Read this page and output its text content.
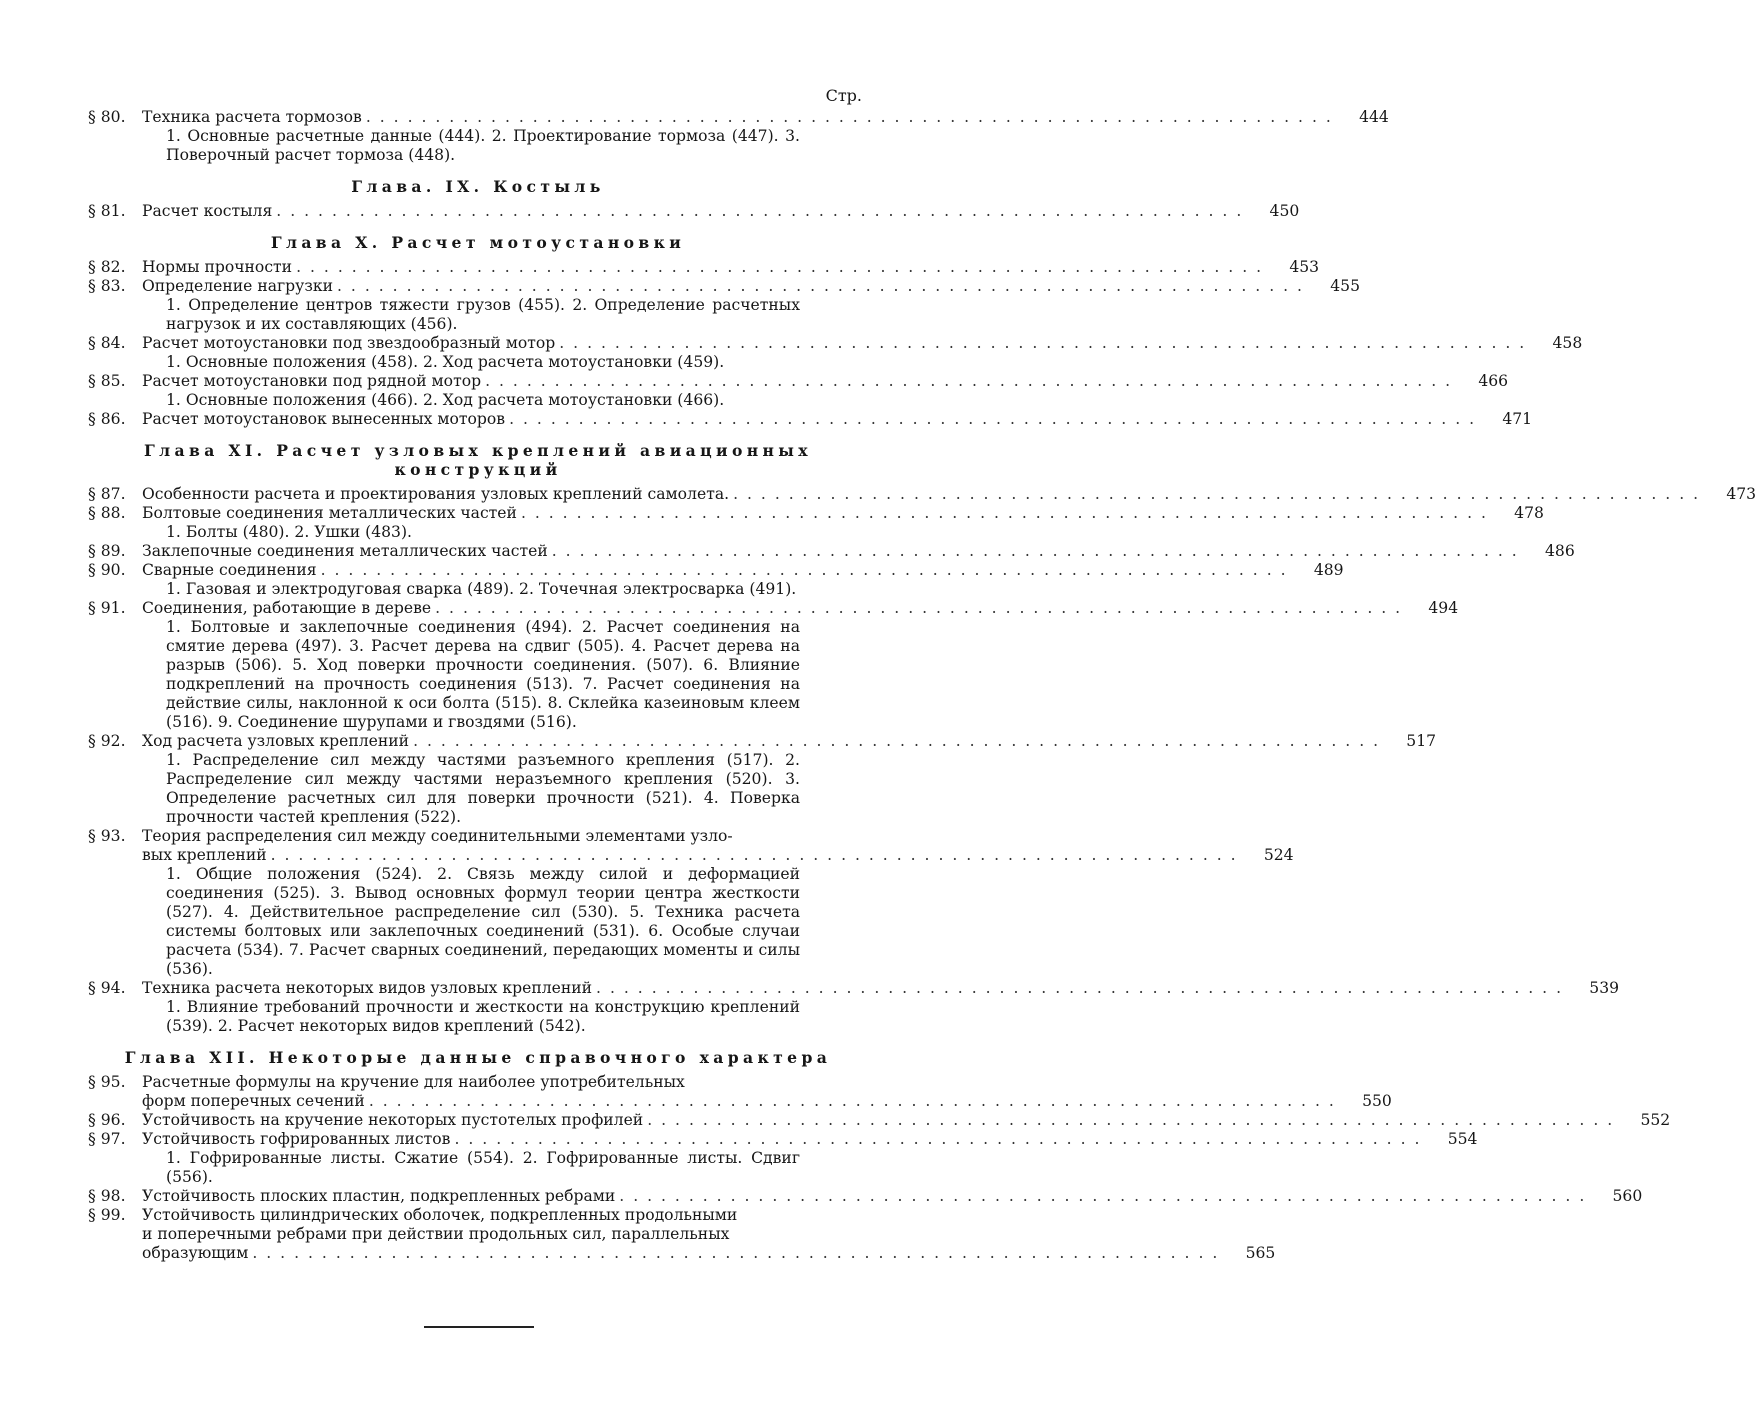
Стр.
§ 80.	Техника расчета тормозов . . . . . . . . . . . . . . . . . . . . . . . . . . . . . . . . . . . . . . . . . . . . . . . . . . . . . . . . . . . . . . . . . . . . . .	444
1. Основные расчетные данные (444). 2. Проектирование тормоза (447). 3. Поверочный расчет тормоза (448).
Глава. IX. Костыль
§ 81.	Расчет костыля . . . . . . . . . . . . . . . . . . . . . . . . . . . . . . . . . . . . . . . . . . . . . . . . . . . . . . . . . . . . . . . . . . . . . .	450
Глава X. Расчет мотоустановки
§ 82.	Нормы прочности . . . . . . . . . . . . . . . . . . . . . . . . . . . . . . . . . . . . . . . . . . . . . . . . . . . . . . . . . . . . . . . . . . . . . .	453
§ 83.	Определение нагрузки . . . . . . . . . . . . . . . . . . . . . . . . . . . . . . . . . . . . . . . . . . . . . . . . . . . . . . . . . . . . . . . . . . . . . .	455
1. Определение центров тяжести грузов (455). 2. Определение расчетных нагрузок и их составляющих (456).
§ 84.	Расчет мотоустановки под звездообразный мотор . . . . . . . . . . . . . . . . . . . . . . . . . . . . . . . . . . . . . . . . . . . . . . . . . . . . . . . . . . . . . . . . . . . . . .	458
1. Основные положения (458). 2. Ход расчета мотоустановки (459).
§ 85.	Расчет мотоустановки под рядной мотор . . . . . . . . . . . . . . . . . . . . . . . . . . . . . . . . . . . . . . . . . . . . . . . . . . . . . . . . . . . . . . . . . . . . . .	466
1. Основные положения (466). 2. Ход расчета мотоустановки (466).
§ 86.	Расчет мотоустановок вынесенных моторов . . . . . . . . . . . . . . . . . . . . . . . . . . . . . . . . . . . . . . . . . . . . . . . . . . . . . . . . . . . . . . . . . . . . . .	471
Глава XI. Расчет узловых креплений авиационных конструкций
§ 87.	Особенности расчета и проектирования узловых креплений самолета. . . . . . . . . . . . . . . . . . . . . . . . . . . . . . . . . . . . . . . . . . . . . . . . . . . . . . . . . . . . . . . . . . . . . . .	473
§ 88.	Болтовые соединения металлических частей . . . . . . . . . . . . . . . . . . . . . . . . . . . . . . . . . . . . . . . . . . . . . . . . . . . . . . . . . . . . . . . . . . . . . .	478
1. Болты (480). 2. Ушки (483).
§ 89.	Заклепочные соединения металлических частей . . . . . . . . . . . . . . . . . . . . . . . . . . . . . . . . . . . . . . . . . . . . . . . . . . . . . . . . . . . . . . . . . . . . . .	486
§ 90.	Сварные соединения . . . . . . . . . . . . . . . . . . . . . . . . . . . . . . . . . . . . . . . . . . . . . . . . . . . . . . . . . . . . . . . . . . . . . .	489
1. Газовая и электродуговая сварка (489). 2. Точечная электросварка (491).
§ 91.	Соединения, работающие в дереве . . . . . . . . . . . . . . . . . . . . . . . . . . . . . . . . . . . . . . . . . . . . . . . . . . . . . . . . . . . . . . . . . . . . . .	494
1. Болтовые и заклепочные соединения (494). 2. Расчет соединения на смятие дерева (497). 3. Расчет дерева на сдвиг (505). 4. Расчет дерева на разрыв (506). 5. Ход поверки прочности соединения. (507). 6. Влияние подкреплений на прочность соединения (513). 7. Расчет соединения на действие силы, наклонной к оси болта (515). 8. Склейка казеиновым клеем (516). 9. Соединение шурупами и гвоздями (516).
§ 92.	Ход расчета узловых креплений . . . . . . . . . . . . . . . . . . . . . . . . . . . . . . . . . . . . . . . . . . . . . . . . . . . . . . . . . . . . . . . . . . . . . .	517
1. Распределение сил между частями разъемного крепления (517). 2. Распределение сил между частями неразъемного крепления (520). 3. Определение расчетных сил для поверки прочности (521). 4. Поверка прочности частей крепления (522).
§ 93.	Теория распределения сил между соединительными элементами узло-
вых креплений . . . . . . . . . . . . . . . . . . . . . . . . . . . . . . . . . . . . . . . . . . . . . . . . . . . . . . . . . . . . . . . . . . . . . .	524
1. Общие положения (524). 2. Связь между силой и деформацией соединения (525). 3. Вывод основных формул теории центра жесткости (527). 4. Действительное распределение сил (530). 5. Техника расчета системы болтовых или заклепочных соединений (531). 6. Особые случаи расчета (534). 7. Расчет сварных соединений, передающих моменты и силы (536).
§ 94.	Техника расчета некоторых видов узловых креплений . . . . . . . . . . . . . . . . . . . . . . . . . . . . . . . . . . . . . . . . . . . . . . . . . . . . . . . . . . . . . . . . . . . . . .	539
1. Влияние требований прочности и жесткости на конструкцию креплений (539). 2. Расчет некоторых видов креплений (542).
Глава XII. Некоторые данные справочного характера
§ 95.	Расчетные формулы на кручение для наиболее употребительных
форм поперечных сечений . . . . . . . . . . . . . . . . . . . . . . . . . . . . . . . . . . . . . . . . . . . . . . . . . . . . . . . . . . . . . . . . . . . . . .	550
§ 96.	Устойчивость на кручение некоторых пустотелых профилей . . . . . . . . . . . . . . . . . . . . . . . . . . . . . . . . . . . . . . . . . . . . . . . . . . . . . . . . . . . . . . . . . . . . . .	552
§ 97.	Устойчивость гофрированных листов . . . . . . . . . . . . . . . . . . . . . . . . . . . . . . . . . . . . . . . . . . . . . . . . . . . . . . . . . . . . . . . . . . . . . .	554
1. Гофрированные листы. Сжатие (554). 2. Гофрированные листы. Сдвиг (556).
§ 98.	Устойчивость плоских пластин, подкрепленных ребрами . . . . . . . . . . . . . . . . . . . . . . . . . . . . . . . . . . . . . . . . . . . . . . . . . . . . . . . . . . . . . . . . . . . . . .	560
§ 99.	Устойчивость цилиндрических оболочек, подкрепленных продольными
и поперечными ребрами при действии продольных сил, параллельных
образующим . . . . . . . . . . . . . . . . . . . . . . . . . . . . . . . . . . . . . . . . . . . . . . . . . . . . . . . . . . . . . . . . . . . . . .	565
